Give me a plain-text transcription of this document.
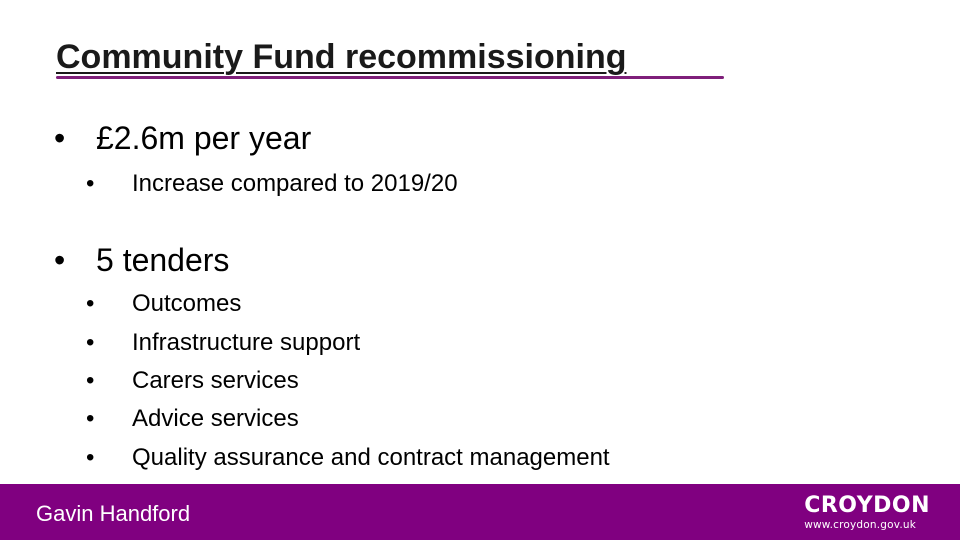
Community Fund recommissioning
• £2.6m per year
•	Increase compared to 2019/20
• 5 tenders
•	Outcomes
•	Infrastructure support
•	Carers services
•	Advice services
•	Quality assurance and contract management
Gavin Handford	CROYDON
www.croydon.gov.uk
